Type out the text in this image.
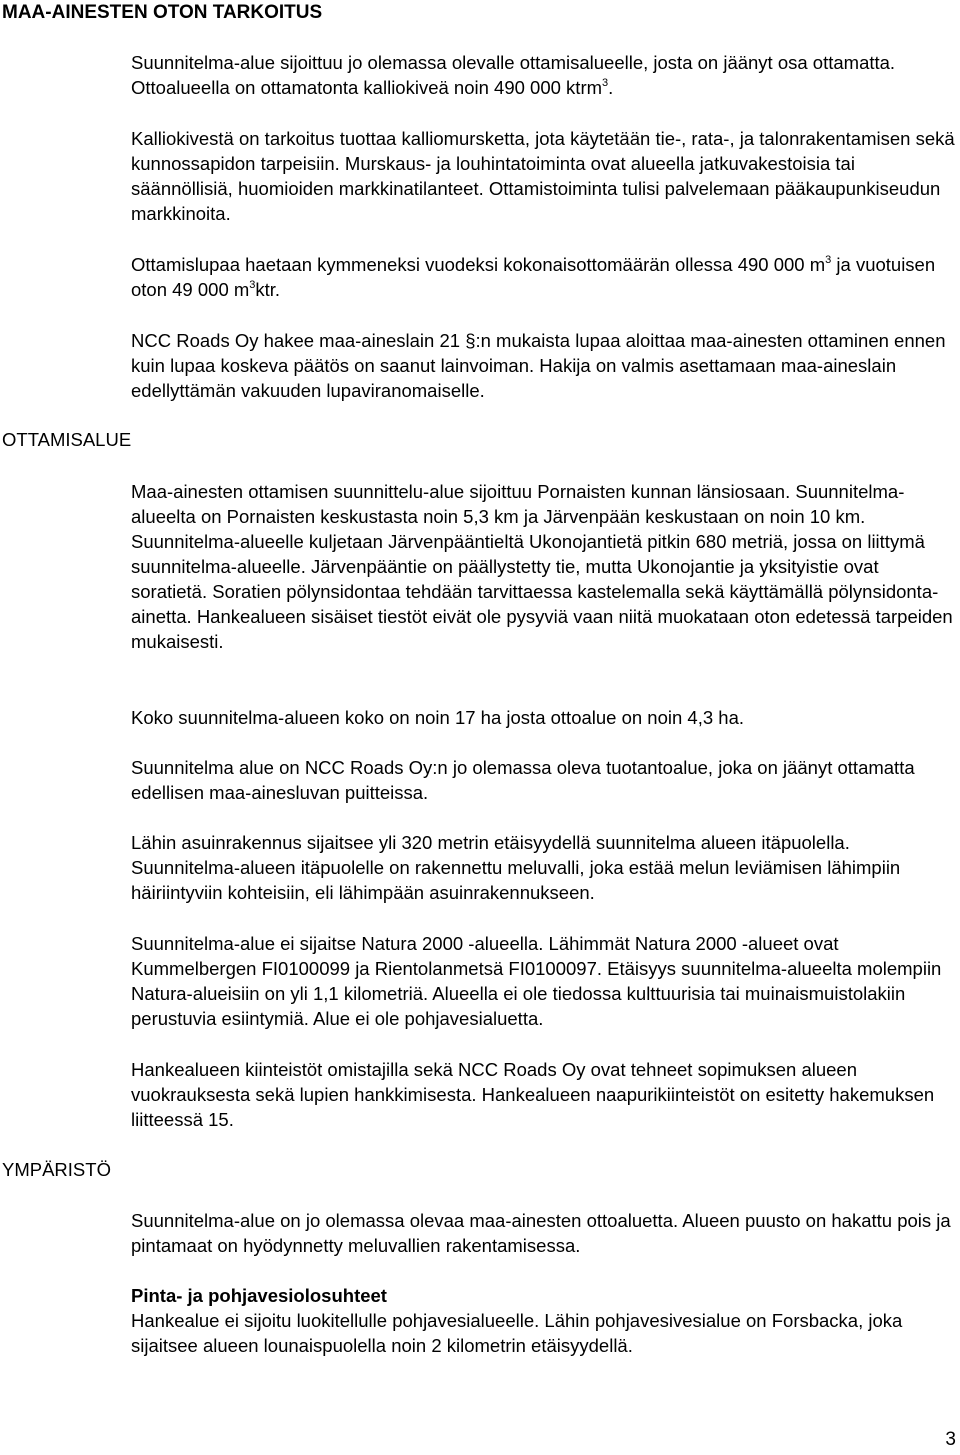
MAA-AINESTEN OTON TARKOITUS

Suunnitelma-alue sijoittuu jo olemassa olevalle ottamisalueelle, josta on jäänyt osa ottamatta. Ottoalueella on ottamatonta kalliokiveä noin 490 000 ktrm$^3$.

Kalliokivestä on tarkoitus tuottaa kalliomursketta, jota käytetään tie-, rata-, ja talonrakentamisen sekä kunnossapidon tarpeisiin. Murskaus- ja louhintatoiminta ovat alueella jatkuvakestoisia tai säännöllisiä, huomioiden markkinatilanteet. Ottamistoiminta tulisi palvelemaan pääkaupunkiseudun markkinoita.

Ottamislupaa haetaan kymmeneksi vuodeksi kokonaisottomäärän ollessa 490 000 $m^3$ ja vuotuisen oton 49 000 $m^3ktr$.

NCC Roads Oy hakee maa-aineslain 21 §:n mukaista lupaa aloittaa maa-ainesten ottaminen ennen kuin lupaa koskeva päätös on saanut lainvoiman. Hakija on valmis asettamaan maa-aineslain edellyttämän vakuuden lupaviranomaiselle.

OTTAMISALUE

Maa-ainesten ottamisen suunnittelu-alue sijoittuu Pornaisten kunnan länsiosaan. Suunnitelma-alueelta on Pornaisten keskustasta noin 5,3 km ja Järvenpään keskustaan on noin 10 km. Suunnitelma-alueelle kuljetaan Järvenpääntieltä Ukonojantietä pitkin 680 metriä, jossa on liittymä suunnitelma-alueelle. Järvenpääntie on päällystetty tie, mutta Ukonojantie ja yksityistie ovat soratietä. Soratien pölynsidontaa tehdään tarvittaessa kastelemalla sekä käyttämällä pölynsidonta-ainetta. Hankealueen sisäiset tiestöt eivät ole pysyviä vaan niitä muokataan oton edetessä tarpeiden mukaisesti.

Koko suunnitelma-alueen koko on noin 17 ha josta ottoalue on noin 4,3 ha.

Suunnitelma alue on NCC Roads Oy:n jo olemassa oleva tuotantoalue, joka on jäänyt ottamatta edellisen maa-ainesluvan puitteissa.

Lähin asuinrakennus sijaitsee yli 320 metrin etäisyydellä suunnitelma alueen itäpuolella. Suunnitelma-alueen itäpuolelle on rakennettu meluvalli, joka estää melun leviämisen lähimpiin häiriintyviin kohteisiin, eli lähimpään asuinrakennukseen.

Suunnitelma-alue ei sijaitse Natura 2000 -alueella. Lähimmät Natura 2000 -alueet ovat Kummelbergen FI0100099 ja Rientolanmetsä FI0100097. Etäisyys suunnitelma-alueelta molempiin Natura-alueisiin on yli 1,1 kilometriä. Alueella ei ole tiedossa kulttuurisia tai muinaismuistolakiin perustuvia esiintymiä. Alue ei ole pohjavesialuetta.

Hankealueen kiinteistöt omistajilla sekä NCC Roads Oy ovat tehneet sopimuksen alueen vuokrauksesta sekä lupien hankkimisesta. Hankealueen naapurikiinteistöt on esitetty hakemuksen liitteessä 15.

YMPÄRISTÖ

Suunnitelma-alue on jo olemassa olevaa maa-ainesten ottoaluetta. Alueen puusto on hakattu pois ja pintamaat on hyödynnetty meluvallien rakentamisessa.

Pinta- ja pohjavesiolosuhteet
Hankealue ei sijoitu luokitellulle pohjavesialueelle. Lähin pohjavesivesialue on Forsbacka, joka sijaitsee alueen lounaispuolella noin 2 kilometrin etäisyydellä.

3
